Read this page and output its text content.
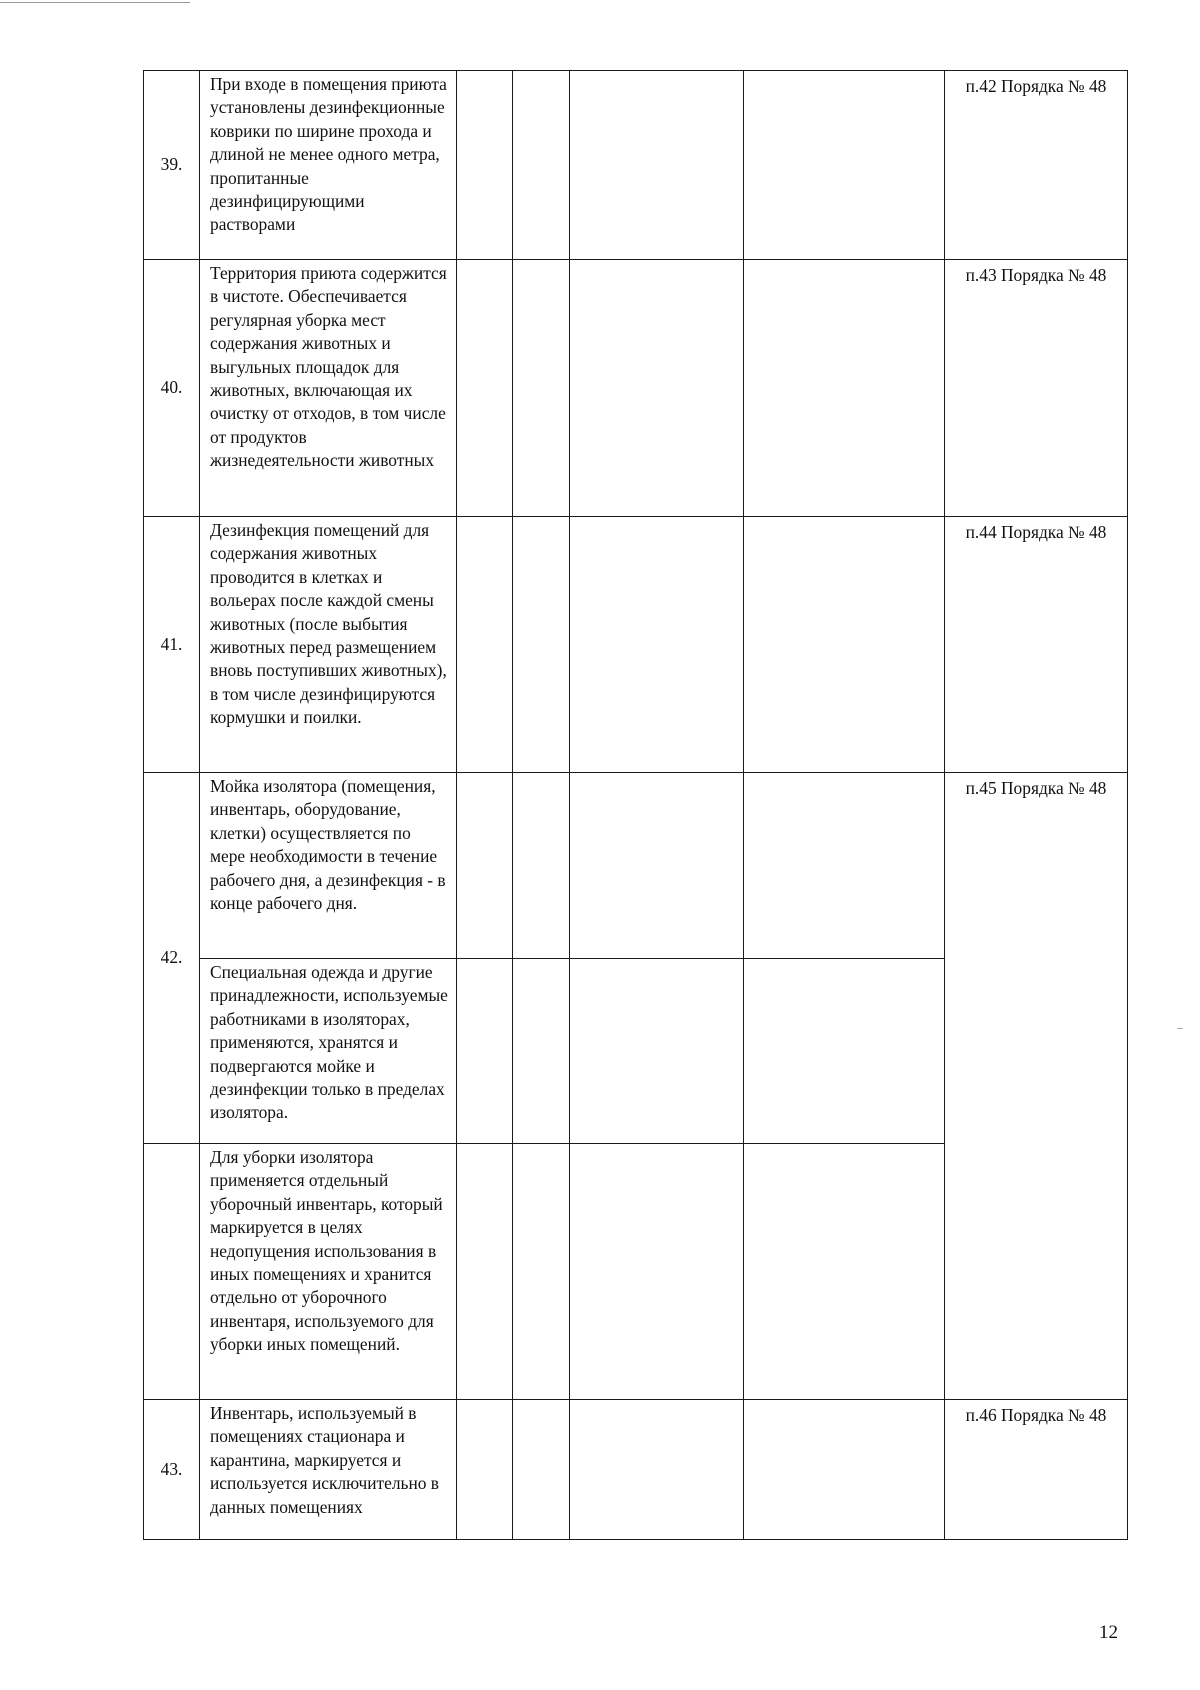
39.	При входе в помещения приюта установлены дезинфекционные коврики по ширине прохода и длиной не менее одного метра, пропитанные дезинфицирующими растворами					п.42 Порядка № 48
40.	Территория приюта содержится в чистоте. Обеспечивается регулярная уборка мест содержания животных и выгульных площадок для животных, включающая их очистку от отходов, в том числе от продуктов жизнедеятельности животных					п.43 Порядка № 48
41.	Дезинфекция помещений для содержания животных проводится в клетках и вольерах после каждой смены животных (после выбытия животных перед размещением вновь поступивших животных), в том числе дезинфицируются кормушки и поилки.					п.44 Порядка № 48
42.	Мойка изолятора (помещения, инвентарь, оборудование, клетки) осуществляется по мере необходимости в течение рабочего дня, а дезинфекция - в конце рабочего дня.					п.45 Порядка № 48
	Специальная одежда и другие принадлежности, используемые работниками в изоляторах, применяются, хранятся и подвергаются мойке и дезинфекции только в пределах изолятора.					
	Для уборки изолятора применяется отдельный уборочный инвентарь, который маркируется в целях недопущения использования в иных помещениях и хранится отдельно от уборочного инвентаря, используемого для уборки иных помещений.					
43.	Инвентарь, используемый в помещениях стационара и карантина, маркируется и используется исключительно в данных помещениях					п.46 Порядка № 48
12
